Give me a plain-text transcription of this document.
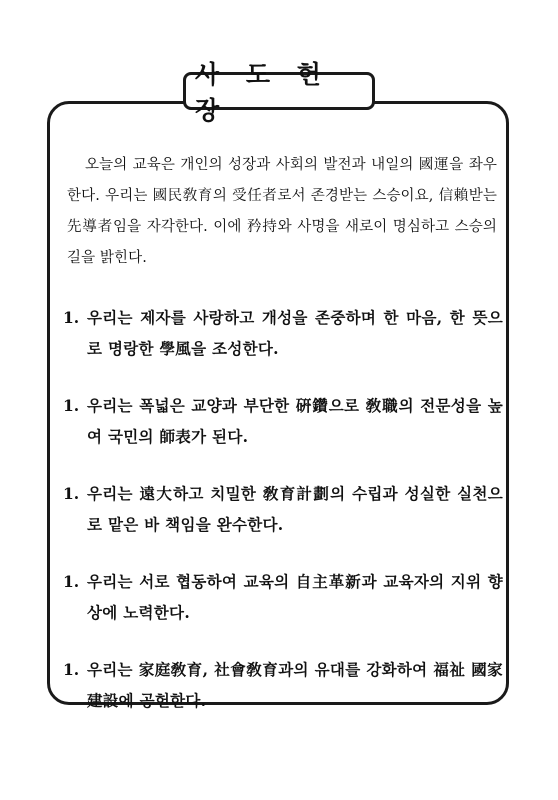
사 도 헌 장
오늘의 교육은 개인의 성장과 사회의 발전과 내일의 國運을 좌우한다. 우리는 國民敎育의 受任者로서 존경받는 스승이요, 信賴받는 先導者임을 자각한다. 이에 矜持와 사명을 새로이 명심하고 스승의 길을 밝힌다.
1. 우리는 제자를 사랑하고 개성을 존중하며 한 마음, 한 뜻으로 명랑한 學風을 조성한다.
1. 우리는 폭넓은 교양과 부단한 硏鑽으로 敎職의 전문성을 높여 국민의 師表가 된다.
1. 우리는 遠大하고 치밀한 敎育計劃의 수립과 성실한 실천으로 맡은 바 책임을 완수한다.
1. 우리는 서로 협동하여 교육의 自主革新과 교육자의 지위 향상에 노력한다.
1. 우리는 家庭敎育, 社會敎育과의 유대를 강화하여 福祉 國家 建設에 공헌한다.
